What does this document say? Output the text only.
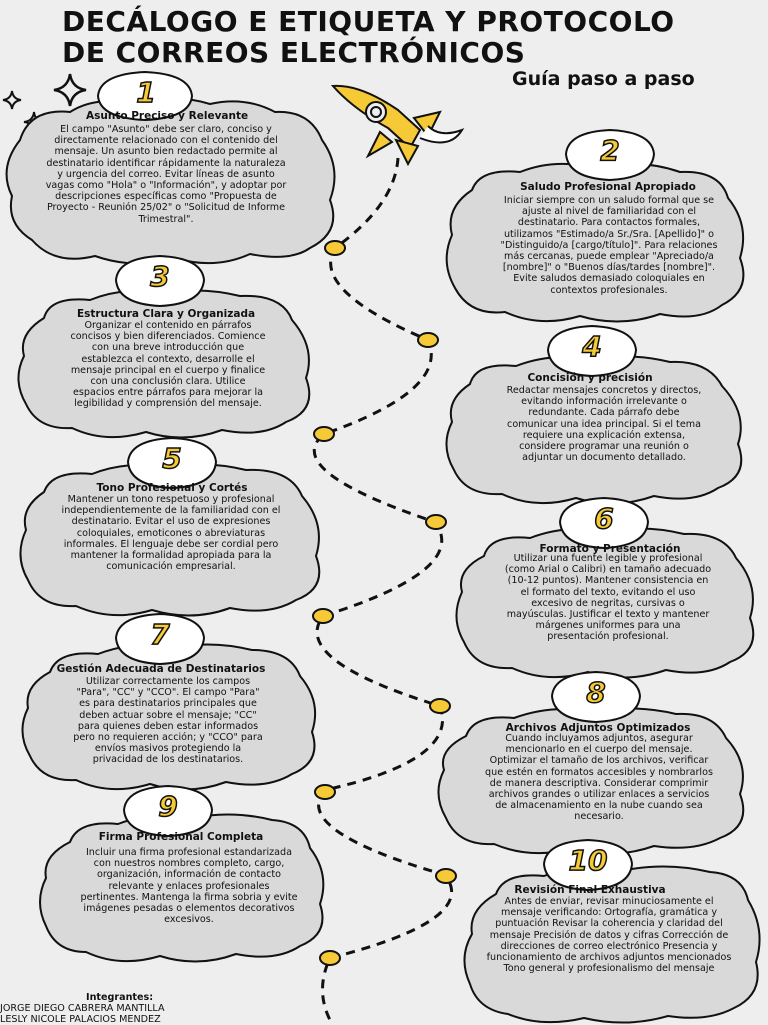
DECÁLOGO E ETIQUETA Y PROTOCOLO
DE CORREOS ELECTRÓNICOS
Guía paso a paso
1
Asunto Preciso y Relevante

El campo "Asunto" debe ser claro, conciso y directamente relacionado con el contenido del mensaje. Un asunto bien redactado permite al destinatario identificar rápidamente la naturaleza y urgencia del correo. Evitar líneas de asunto vagas como "Hola" o "Información", y adoptar por descripciones específicas como "Propuesta de Proyecto - Reunión 25/02" o "Solicitud de Informe Trimestral".

2
Saludo Profesional Apropiado

Iniciar siempre con un saludo formal que se ajuste al nivel de familiaridad con el destinatario. Para contactos formales, utilizamos "Estimado/a Sr./Sra. [Apellido]" o "Distinguido/a [cargo/título]". Para relaciones más cercanas, puede emplear "Apreciado/a [nombre]" o "Buenos días/tardes [nombre]". Evite saludos demasiado coloquiales en contextos profesionales.

3
Estructura Clara y Organizada

Organizar el contenido en párrafos concisos y bien diferenciados. Comience con una breve introducción que establezca el contexto, desarrolle el mensaje principal en el cuerpo y finalice con una conclusión clara. Utilice espacios entre párrafos para mejorar la legibilidad y comprensión del mensaje.

4
Concisión y precisión

Redactar mensajes concretos y directos, evitando información irrelevante o redundante. Cada párrafo debe comunicar una idea principal. Si el tema requiere una explicación extensa, considere programar una reunión o adjuntar un documento detallado.

5
Tono Profesional y Cortés

Mantener un tono respetuoso y profesional independientemente de la familiaridad con el destinatario. Evitar el uso de expresiones coloquiales, emoticones o abreviaturas informales. El lenguaje debe ser cordial pero mantener la formalidad apropiada para la comunicación empresarial.

6
Formato y Presentación

Utilizar una fuente legible y profesional (como Arial o Calibri) en tamaño adecuado (10-12 puntos). Mantener consistencia en el formato del texto, evitando el uso excesivo de negritas, cursivas o mayúsculas. Justificar el texto y mantener márgenes uniformes para una presentación profesional.

7
Gestión Adecuada de Destinatarios

Utilizar correctamente los campos "Para", "CC" y "CCO". El campo "Para" es para destinatarios principales que deben actuar sobre el mensaje; "CC" para quienes deben estar informados pero no requieren acción; y "CCO" para envíos masivos protegiendo la privacidad de los destinatarios.

8
Archivos Adjuntos Optimizados

Cuando incluyamos adjuntos, asegurar mencionarlo en el cuerpo del mensaje. Optimizar el tamaño de los archivos, verificar que estén en formatos accesibles y nombrarlos de manera descriptiva. Considerar comprimir archivos grandes o utilizar enlaces a servicios de almacenamiento en la nube cuando sea necesario.

9
Firma Profesional Completa

Incluir una firma profesional estandarizada con nuestros nombres completo, cargo, organización, información de contacto relevante y enlaces profesionales pertinentes. Mantenga la firma sobria y evite imágenes pesadas o elementos decorativos excesivos.

10
Revisión Final Exhaustiva

Antes de enviar, revisar minuciosamente el mensaje verificando: Ortografía, gramática y puntuación Revisar la coherencia y claridad del mensaje Precisión de datos y cifras Corrección de direcciones de correo electrónico Presencia y funcionamiento de archivos adjuntos mencionados Tono general y profesionalismo del mensaje

Integrantes:
JORGE DIEGO CABRERA MANTILLA
LESLY NICOLE PALACIOS MENDEZ
